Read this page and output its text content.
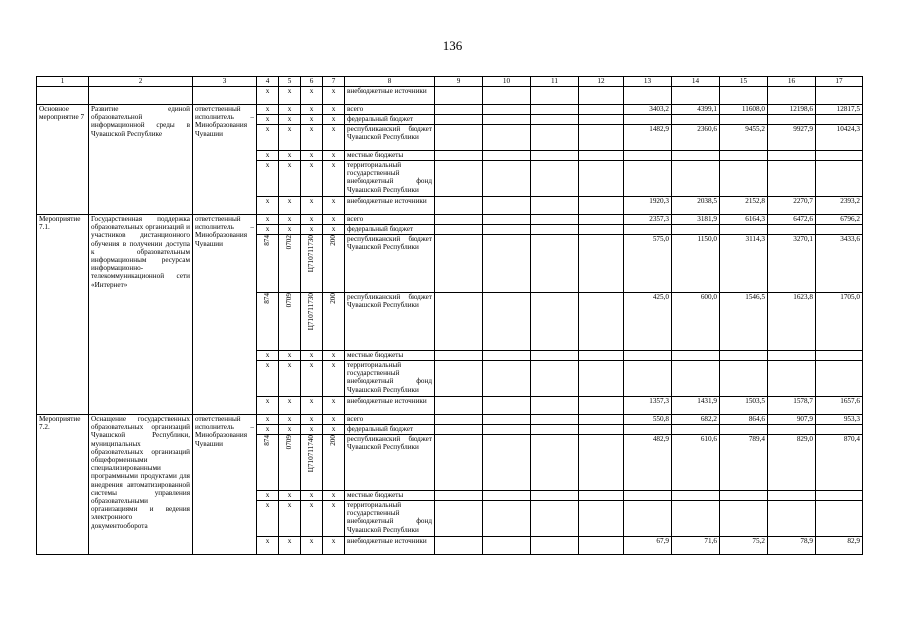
136
1	2	3	4	5	6	7	8	9	10	11	12	13	14	15	16	17
			x	x	x	x	внебюджетные источники									
Основное мероприятие 7	Развитие единой образовательной информационной среды в Чувашской Республике	ответственный исполнитель – Минобразования Чувашии	x	x	x	x	всего					3403,2	4399,1	11608,0	12198,6	12817,5
			x	x	x	x	федеральный бюджет									
			x	x	x	x	республиканский бюджет Чувашской Республики					1482,9	2360,6	9455,2	9927,9	10424,3
			x	x	x	x	местные бюджеты									
			x	x	x	x	территориальный государственный внебюджетный фонд Чувашской Республики									
			x	x	x	x	внебюджетные источники					1920,3	2038,5	2152,8	2270,7	2393,2
Мероприятие 7.1.	Государственная поддержка образовательных организаций и участников дистанционного обучения в получении доступа к образовательным информационным ресурсам информационно-телекоммуникационной сети «Интернет»	ответственный исполнитель – Минобразования Чувашии	x	x	x	x	всего					2357,3	3181,9	6164,3	6472,6	6796,2
			x	x	x	x	федеральный бюджет									
			874	0702	Ц710711730	200	республиканский бюджет Чувашской Республики					575,0	1150,0	3114,3	3270,1	3433,6
			874	0709	Ц710711730	200	республиканский бюджет Чувашской Республики					425,0	600,0	1546,5	1623,8	1705,0
			x	x	x	x	местные бюджеты									
			x	x	x	x	территориальный государственный внебюджетный фонд Чувашской Республики									
			x	x	x	x	внебюджетные источники					1357,3	1431,9	1503,5	1578,7	1657,6
Мероприятие 7.2.	Оснащение государственных образовательных организаций Чувашской Республики, муниципальных образовательных организаций общеформенными специализированными программными продуктами для внедрения автоматизированной системы управления образовательными организациями и ведения электронного документооборота	ответственный исполнитель – Минобразования Чувашии	x	x	x	x	всего					550,8	682,2	864,6	907,9	953,3
			x	x	x	x	федеральный бюджет									
			874	0709	Ц710711740	200	республиканский бюджет Чувашской Республики					482,9	610,6	789,4	829,0	870,4
			x	x	x	x	местные бюджеты									
			x	x	x	x	территориальный государственный внебюджетный фонд Чувашской Республики									
			x	x	x	x	внебюджетные источники					67,9	71,6	75,2	78,9	82,9
